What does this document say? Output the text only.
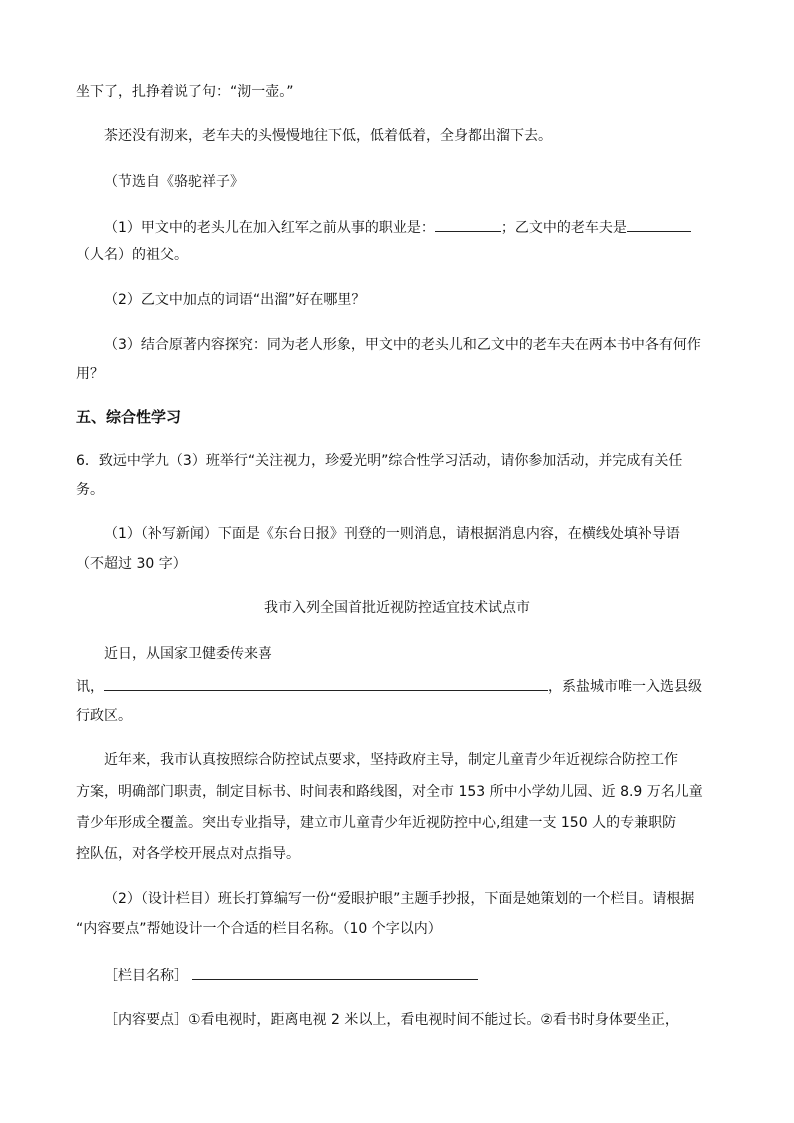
坐下了，扎挣着说了句：“沏一壶。”
茶还没有沏来，老车夫的头慢慢地往下低，低着低着，全身都出溜下去。
（节选自《骆驼祥子》
（1）甲文中的老头儿在加入红军之前从事的职业是：	；乙文中的老车夫是
（人名）的祖父。
（2）乙文中加点的词语“出溜”好在哪里？
（3）结合原著内容探究：同为老人形象，甲文中的老头儿和乙文中的老车夫在两本书中各有何作
用？
五、综合性学习
6．致远中学九（3）班举行“关注视力，珍爱光明”综合性学习活动，请你参加活动，并完成有关任
务。
（1）（补写新闻）下面是《东台日报》刊登的一则消息，请根据消息内容，在横线处填补导语
（不超过 30 字）
我市入列全国首批近视防控适宜技术试点市
近日，从国家卫健委传来喜
讯，	，系盐城市唯一入选县级
行政区。
近年来，我市认真按照综合防控试点要求，坚持政府主导，制定儿童青少年近视综合防控工作
方案，明确部门职责，制定目标书、时间表和路线图，对全市 153 所中小学幼儿园、近 8.9 万名儿童
青少年形成全覆盖。突出专业指导，建立市儿童青少年近视防控中心,组建一支 150 人的专兼职防
控队伍，对各学校开展点对点指导。
（2）（设计栏目）班长打算编写一份“爱眼护眼”主题手抄报，下面是她策划的一个栏目。请根据
“内容要点”帮她设计一个合适的栏目名称。（10 个字以内）
［栏目名称］
［内容要点］①看电视时，距离电视 2 米以上，看电视时间不能过长。②看书时身体要坐正，
